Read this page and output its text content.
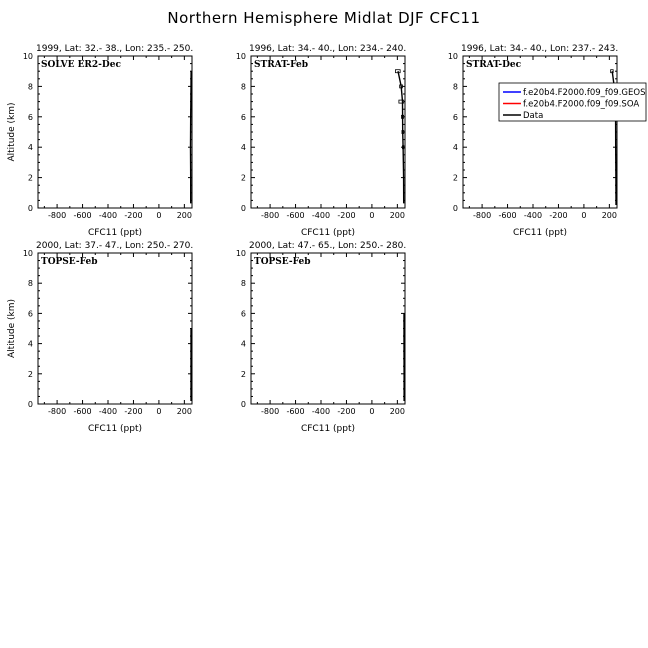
Northern Hemisphere Midlat DJF CFC11
1999, Lat: 32.- 38., Lon: 235.- 250.
SOLVE ER2-Dec
-800 -600 -400 -200 0 200
0
2
4
6
8
10
CFC11 (ppt)
Altitude (km)
1996, Lat: 34.- 40., Lon: 234.- 240.
STRAT-Feb
-800 -600 -400 -200 0 200
0
2
4
6
8
10
CFC11 (ppt)
1996, Lat: 34.- 40., Lon: 237.- 243.
STRAT-Dec
-800 -600 -400 -200 0 200
0
2
4
6
8
10
CFC11 (ppt)
f.e20b4.F2000.f09_f09.GEOS
f.e20b4.F2000.f09_f09.SOA
Data
2000, Lat: 37.- 47., Lon: 250.- 270.
TOPSE-Feb
-800 -600 -400 -200 0 200
0
2
4
6
8
10
CFC11 (ppt)
Altitude (km)
2000, Lat: 47.- 65., Lon: 250.- 280.
TOPSE-Feb
-800 -600 -400 -200 0 200
0
2
4
6
8
10
CFC11 (ppt)
